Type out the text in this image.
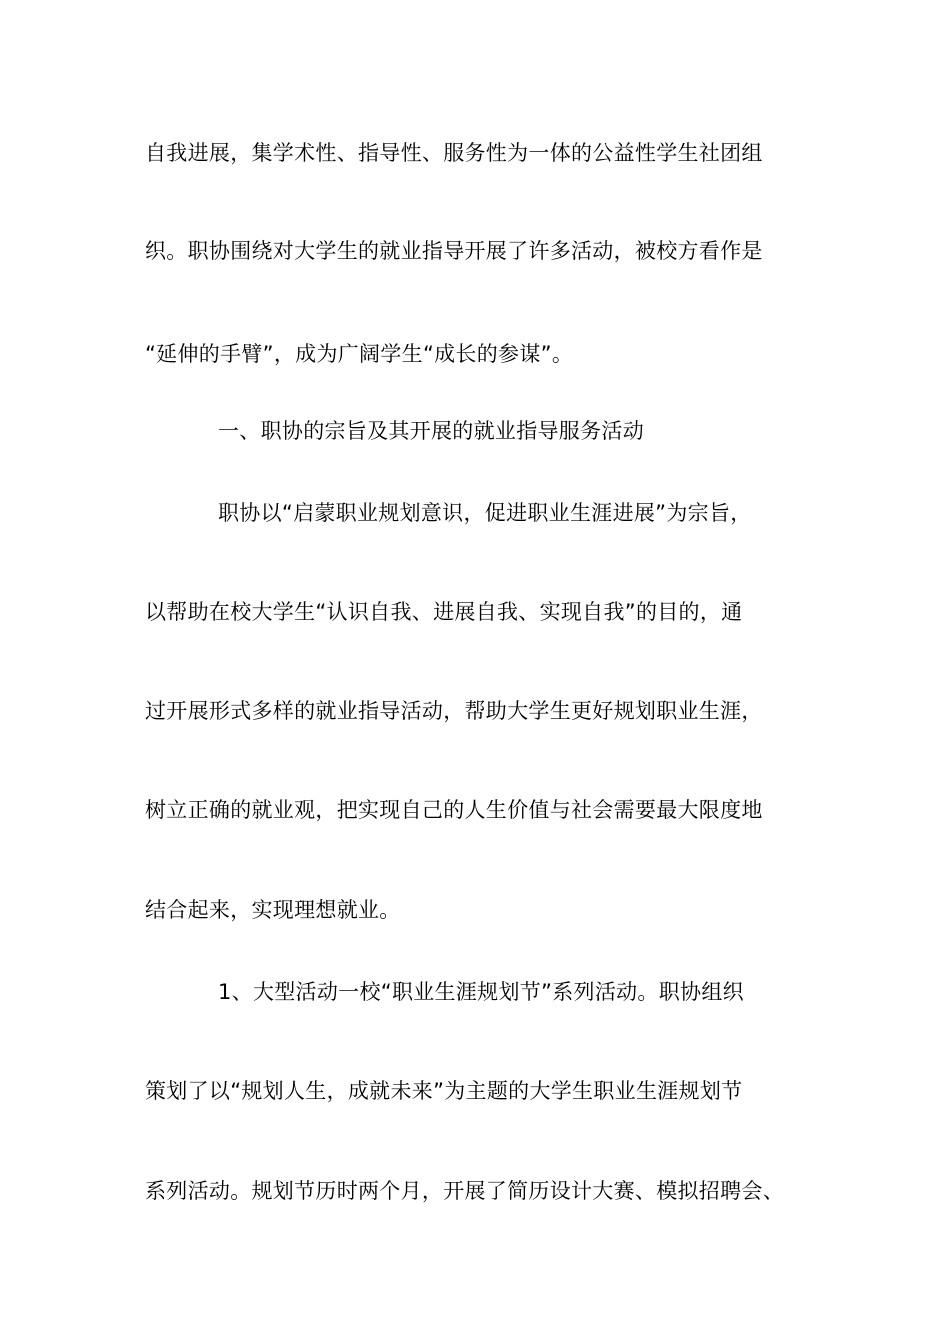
自我进展，集学术性、指导性、服务性为一体的公益性学生社团组
织。职协围绕对大学生的就业指导开展了许多活动，被校方看作是
“延伸的手臂”，成为广阔学生“成长的参谋”。
一、职协的宗旨及其开展的就业指导服务活动
职协以“启蒙职业规划意识，促进职业生涯进展”为宗旨，
以帮助在校大学生“认识自我、进展自我、实现自我”的目的，通
过开展形式多样的就业指导活动，帮助大学生更好规划职业生涯，
树立正确的就业观，把实现自己的人生价值与社会需要最大限度地
结合起来，实现理想就业。
1、大型活动一校“职业生涯规划节”系列活动。职协组织
策划了以“规划人生，成就未来”为主题的大学生职业生涯规划节
系列活动。规划节历时两个月，开展了简历设计大赛、模拟招聘会、
